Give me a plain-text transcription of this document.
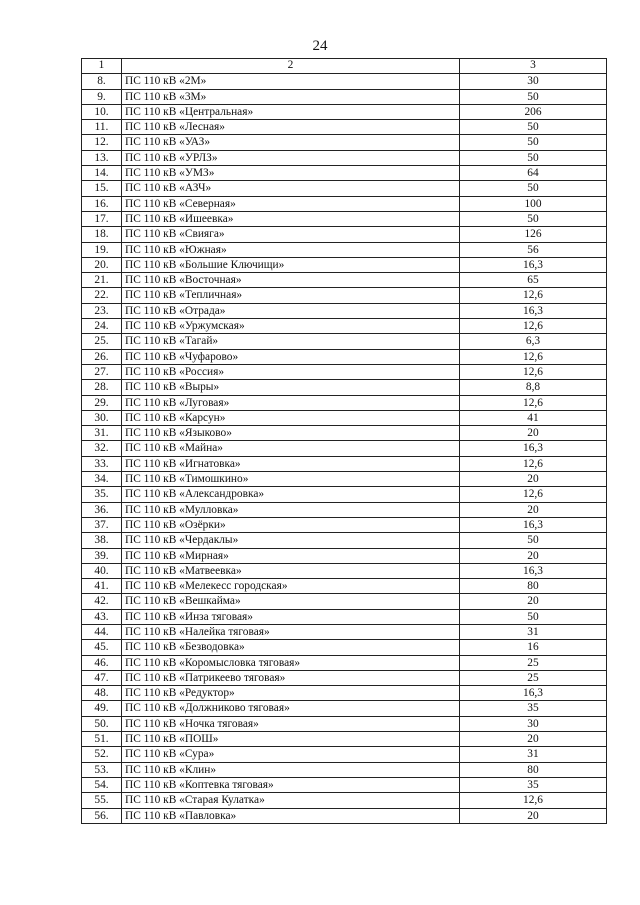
24
1	2	3
8.	ПС 110 кВ «2М»	30
9.	ПС 110 кВ «3М»	50
10.	ПС 110 кВ «Центральная»	206
11.	ПС 110 кВ «Лесная»	50
12.	ПС 110 кВ «УАЗ»	50
13.	ПС 110 кВ «УРЛЗ»	50
14.	ПС 110 кВ «УМЗ»	64
15.	ПС 110 кВ «АЗЧ»	50
16.	ПС 110 кВ «Северная»	100
17.	ПС 110 кВ «Ишеевка»	50
18.	ПС 110 кВ «Свияга»	126
19.	ПС 110 кВ «Южная»	56
20.	ПС 110 кВ «Большие Ключищи»	16,3
21.	ПС 110 кВ «Восточная»	65
22.	ПС 110 кВ «Тепличная»	12,6
23.	ПС 110 кВ «Отрада»	16,3
24.	ПС 110 кВ «Уржумская»	12,6
25.	ПС 110 кВ «Тагай»	6,3
26.	ПС 110 кВ «Чуфарово»	12,6
27.	ПС 110 кВ «Россия»	12,6
28.	ПС 110 кВ «Выры»	8,8
29.	ПС 110 кВ «Луговая»	12,6
30.	ПС 110 кВ «Карсун»	41
31.	ПС 110 кВ «Языково»	20
32.	ПС 110 кВ «Майна»	16,3
33.	ПС 110 кВ «Игнатовка»	12,6
34.	ПС 110 кВ «Тимошкино»	20
35.	ПС 110 кВ «Александровка»	12,6
36.	ПС 110 кВ «Мулловка»	20
37.	ПС 110 кВ «Озёрки»	16,3
38.	ПС 110 кВ «Чердаклы»	50
39.	ПС 110 кВ «Мирная»	20
40.	ПС 110 кВ «Матвеевка»	16,3
41.	ПС 110 кВ «Мелекесс городская»	80
42.	ПС 110 кВ «Вешкайма»	20
43.	ПС 110 кВ «Инза тяговая»	50
44.	ПС 110 кВ «Налейка тяговая»	31
45.	ПС 110 кВ «Безводовка»	16
46.	ПС 110 кВ «Коромысловка тяговая»	25
47.	ПС 110 кВ «Патрикеево тяговая»	25
48.	ПС 110 кВ «Редуктор»	16,3
49.	ПС 110 кВ «Должниково тяговая»	35
50.	ПС 110 кВ «Ночка тяговая»	30
51.	ПС 110 кВ «ПОШ»	20
52.	ПС 110 кВ «Сура»	31
53.	ПС 110 кВ «Клин»	80
54.	ПС 110 кВ «Коптевка тяговая»	35
55.	ПС 110 кВ «Старая Кулатка»	12,6
56.	ПС 110 кВ «Павловка»	20
